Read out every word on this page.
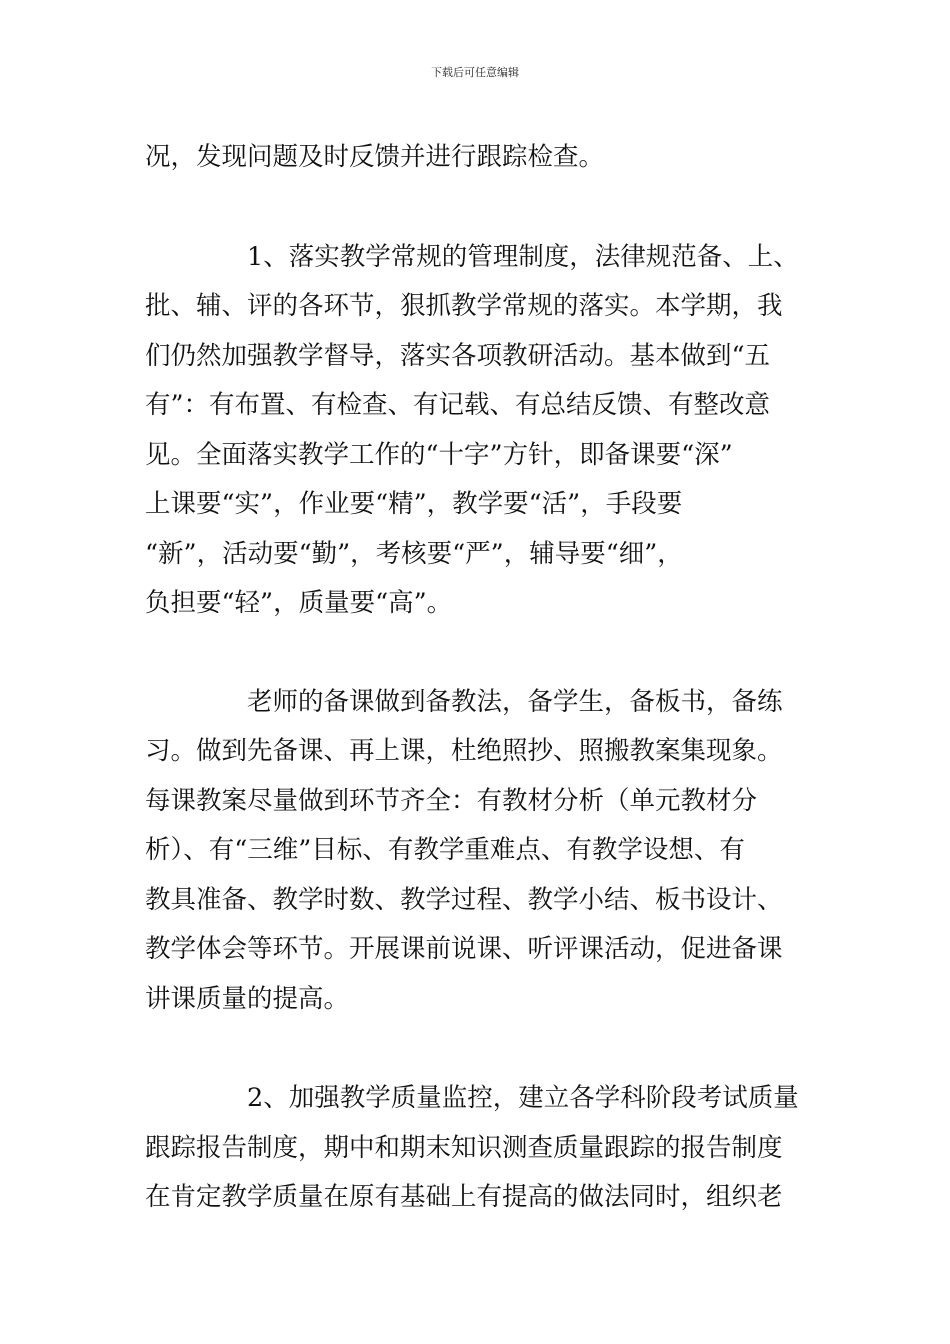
下载后可任意编辑

况，发现问题及时反馈并进行跟踪检查。

1、落实教学常规的管理制度，法律规范备、上、
批、辅、评的各环节，狠抓教学常规的落实。本学期，我
们仍然加强教学督导，落实各项教研活动。基本做到“五
有”：有布置、有检查、有记载、有总结反馈、有整改意
见。全面落实教学工作的“十字”方针，即备课要“深”
上课要“实”，作业要“精”，教学要“活”，手段要
“新”，活动要“勤”，考核要“严”，辅导要“细”，
负担要“轻”，质量要“高”。

老师的备课做到备教法，备学生，备板书，备练
习。做到先备课、再上课，杜绝照抄、照搬教案集现象。
每课教案尽量做到环节齐全：有教材分析（单元教材分
析）、有“三维”目标、有教学重难点、有教学设想、有
教具准备、教学时数、教学过程、教学小结、板书设计、
教学体会等环节。开展课前说课、听评课活动，促进备课
讲课质量的提高。

2、加强教学质量监控，建立各学科阶段考试质量
跟踪报告制度，期中和期末知识测查质量跟踪的报告制度
在肯定教学质量在原有基础上有提高的做法同时，组织老
